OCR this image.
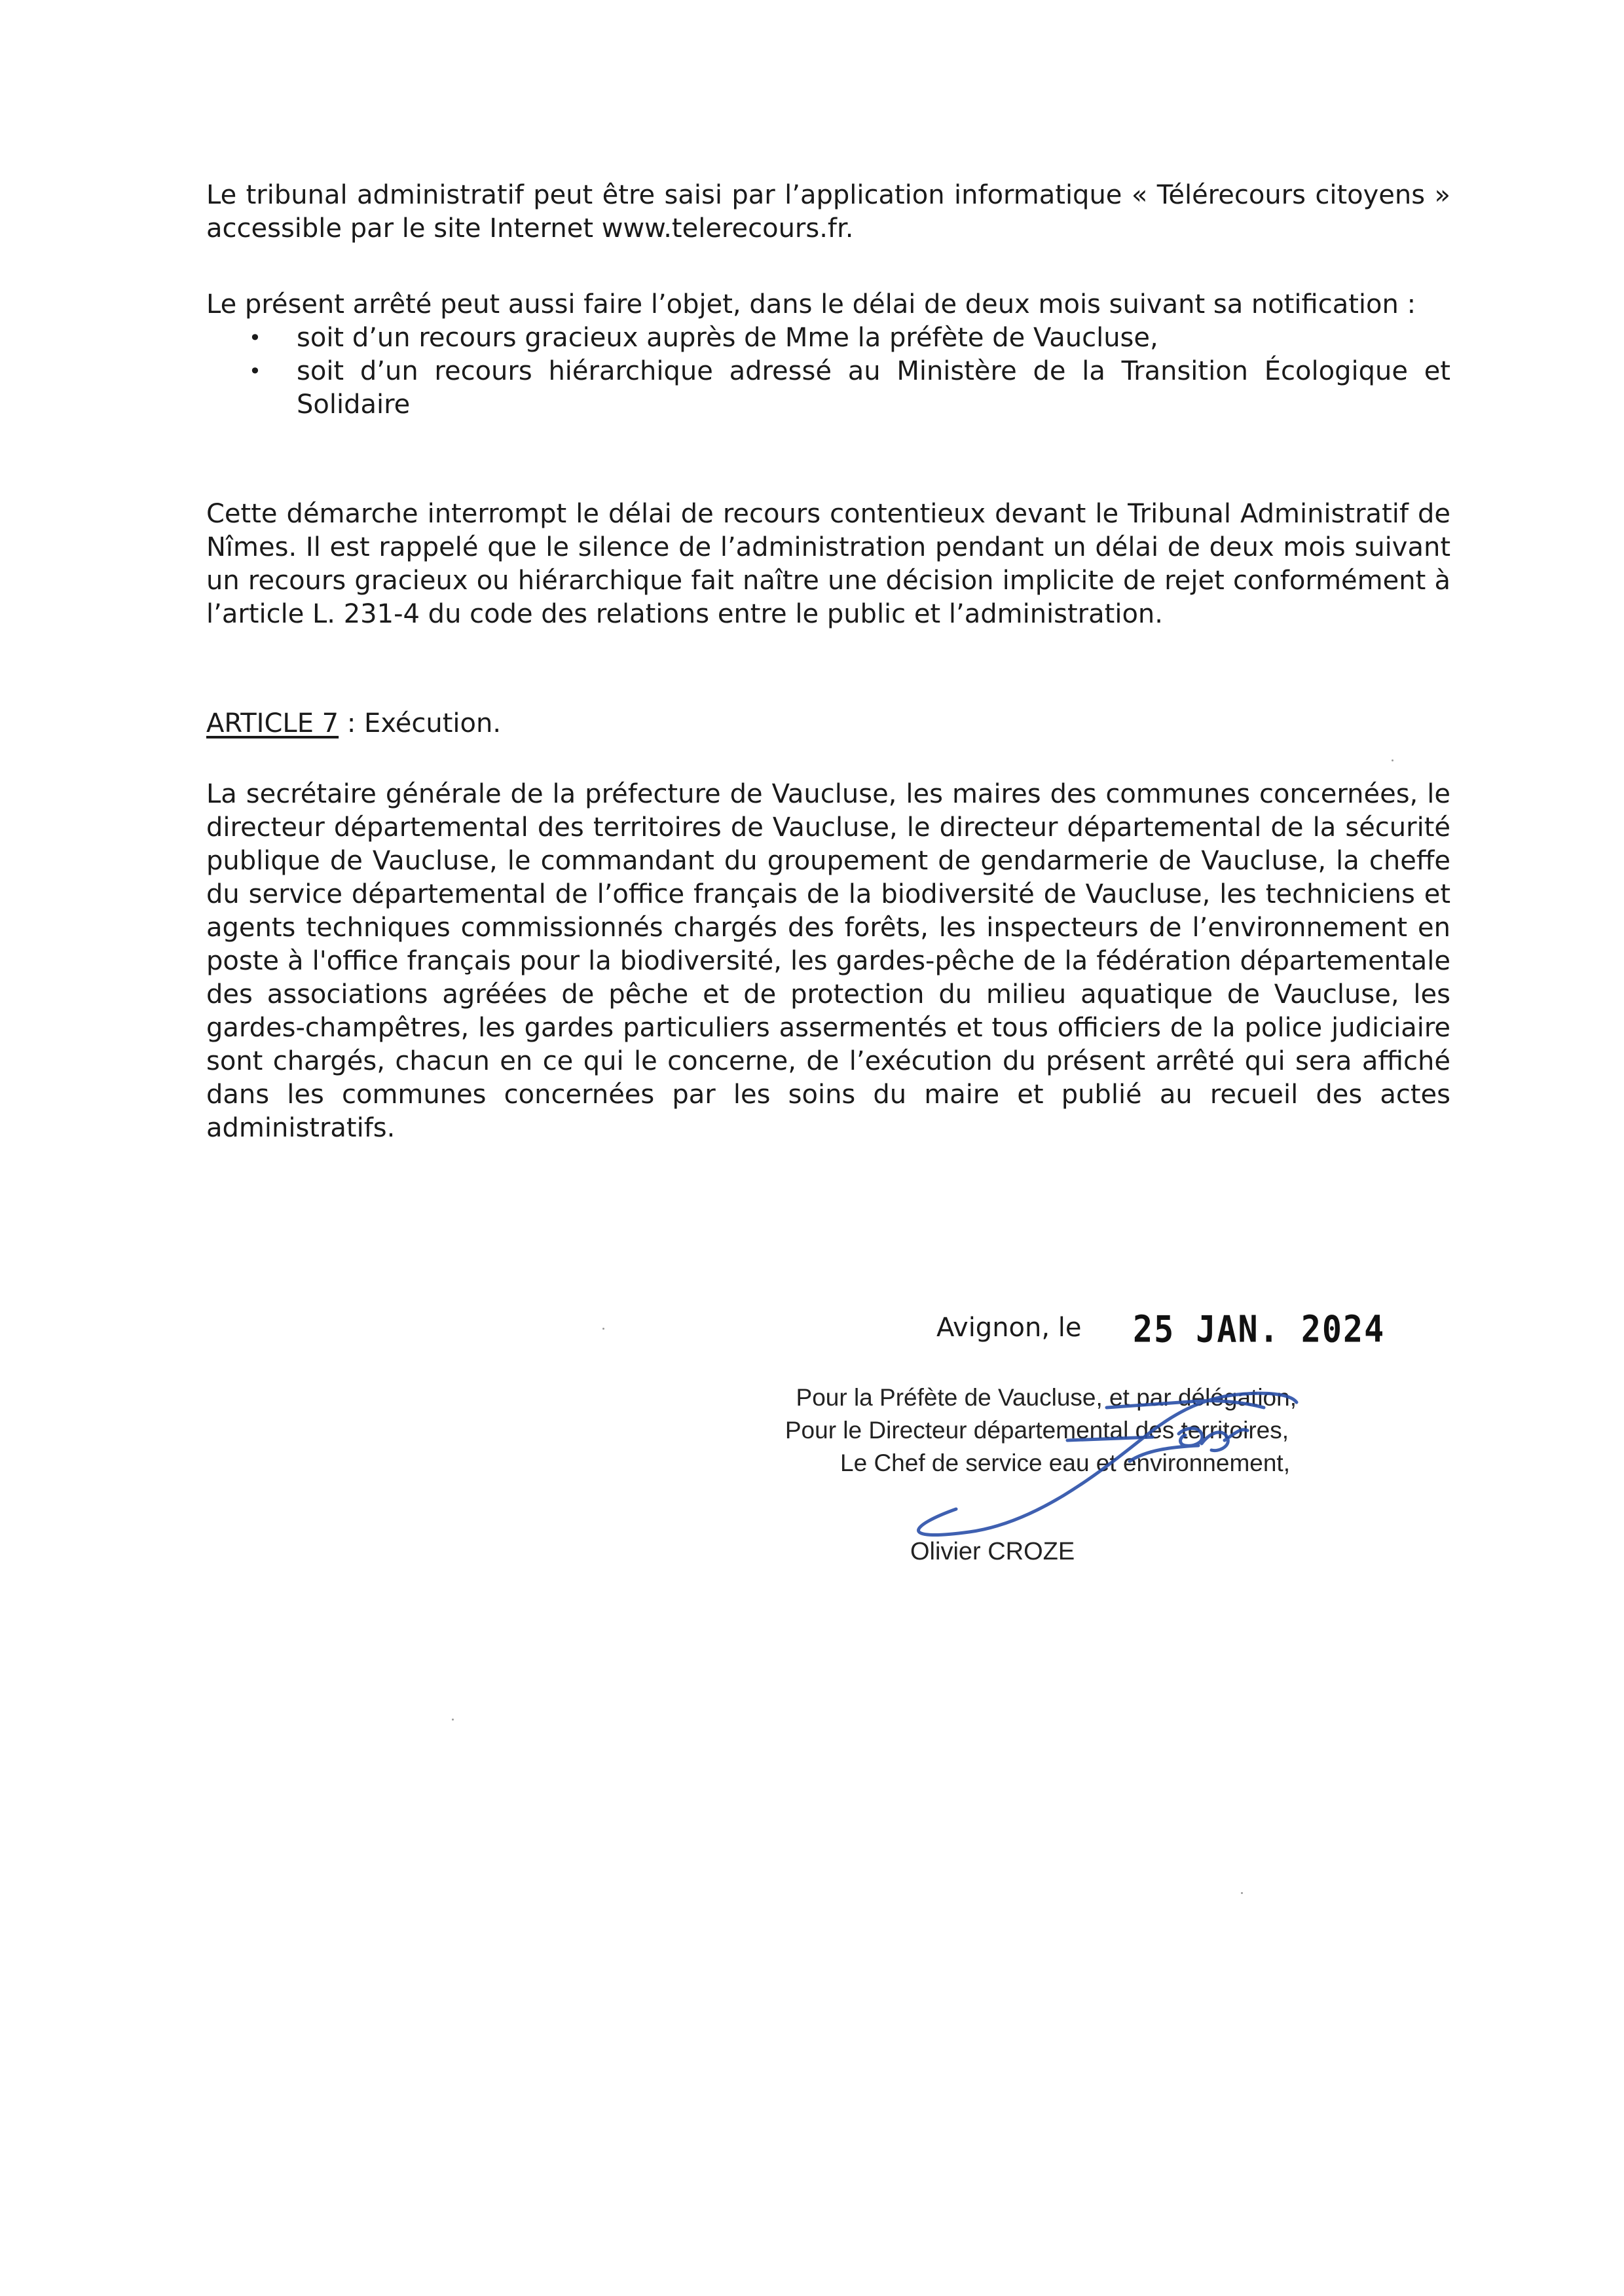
Le tribunal administratif peut être saisi par l’application informatique « Télérecours citoyens » accessible par le site Internet www.telerecours.fr.

Le présent arrêté peut aussi faire l’objet, dans le délai de deux mois suivant sa notification :

• soit d’un recours gracieux auprès de Mme la préfète de Vaucluse,
• soit d’un recours hiérarchique adressé au Ministère de la Transition Écologique et Solidaire

Cette démarche interrompt le délai de recours contentieux devant le Tribunal Administratif de Nîmes. Il est rappelé que le silence de l’administration pendant un délai de deux mois suivant un recours gracieux ou hiérarchique fait naître une décision implicite de rejet conformément à l’article L. 231-4 du code des relations entre le public et l’administration.

ARTICLE 7 : Exécution.

La secrétaire générale de la préfecture de Vaucluse, les maires des communes concernées, le directeur départemental des territoires de Vaucluse, le directeur départemental de la sécurité publique de Vaucluse, le commandant du groupement de gendarmerie de Vaucluse, la cheffe du service départemental de l’office français de la biodiversité de Vaucluse, les techniciens et agents techniques commissionnés chargés des forêts, les inspecteurs de l’environnement en poste à l'office français pour la biodiversité, les gardes-pêche de la fédération départementale des associations agréées de pêche et de protection du milieu aquatique de Vaucluse, les gardes-champêtres, les gardes particuliers assermentés et tous officiers de la police judiciaire sont chargés, chacun en ce qui le concerne, de l’exécution du présent arrêté qui sera affiché dans les communes concernées par les soins du maire et publié au recueil des actes administratifs.

Avignon, le 25 JAN. 2024
Pour la Préfète de Vaucluse, et par délégation,
Pour le Directeur départemental des territoires,
Le Chef de service eau et environnement,
Olivier CROZE
